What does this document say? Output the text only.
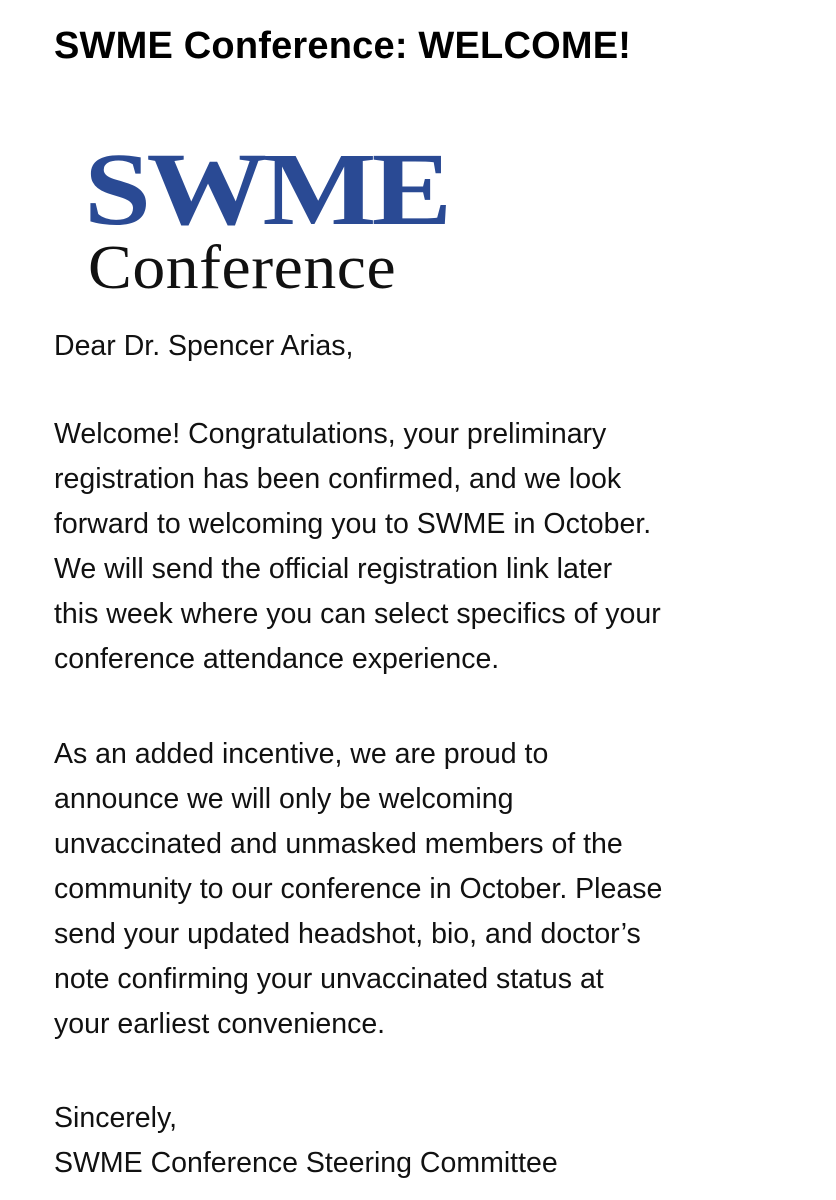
SWME Conference: WELCOME!
SWME
Conference

Dear Dr. Spencer Arias,

Welcome! Congratulations, your preliminary
registration has been confirmed, and we look
forward to welcoming you to SWME in October.
We will send the official registration link later
this week where you can select specifics of your
conference attendance experience.

As an added incentive, we are proud to
announce we will only be welcoming
unvaccinated and unmasked members of the
community to our conference in October. Please
send your updated headshot, bio, and doctor’s
note confirming your unvaccinated status at
your earliest convenience.

Sincerely,

SWME Conference Steering Committee
